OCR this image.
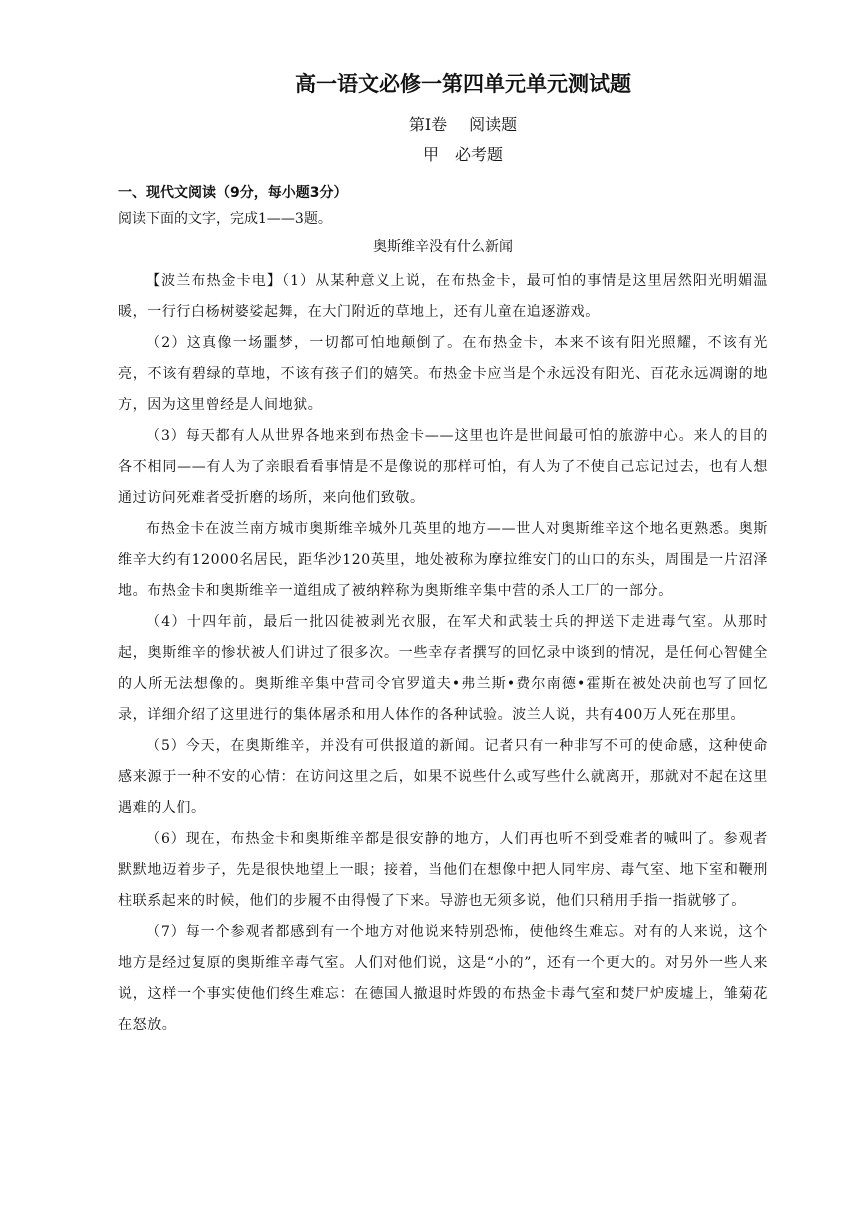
高一语文必修一第四单元单元测试题

第Ⅰ卷 阅读题

甲　必考题

一、现代文阅读（9分，每小题3分）

阅读下面的文字，完成1——3题。

奥斯维辛没有什么新闻

【波兰布热金卡电】（1）从某种意义上说，在布热金卡，最可怕的事情是这里居然阳光明媚温暖，一行行白杨树婆娑起舞，在大门附近的草地上，还有儿童在追逐游戏。

（2）这真像一场噩梦，一切都可怕地颠倒了。在布热金卡，本来不该有阳光照耀，不该有光亮，不该有碧绿的草地，不该有孩子们的嬉笑。布热金卡应当是个永远没有阳光、百花永远凋谢的地方，因为这里曾经是人间地狱。

（3）每天都有人从世界各地来到布热金卡——这里也许是世间最可怕的旅游中心。来人的目的各不相同——有人为了亲眼看看事情是不是像说的那样可怕，有人为了不使自己忘记过去，也有人想通过访问死难者受折磨的场所，来向他们致敬。

布热金卡在波兰南方城市奥斯维辛城外几英里的地方——世人对奥斯维辛这个地名更熟悉。奥斯维辛大约有12000名居民，距华沙120英里，地处被称为摩拉维安门的山口的东头，周围是一片沼泽地。布热金卡和奥斯维辛一道组成了被纳粹称为奥斯维辛集中营的杀人工厂的一部分。

（4）十四年前，最后一批囚徒被剥光衣服，在军犬和武装士兵的押送下走进毒气室。从那时起，奥斯维辛的惨状被人们讲过了很多次。一些幸存者撰写的回忆录中谈到的情况，是任何心智健全的人所无法想像的。奥斯维辛集中营司令官罗道夫•弗兰斯•费尔南德•霍斯在被处决前也写了回忆录，详细介绍了这里进行的集体屠杀和用人体作的各种试验。波兰人说，共有400万人死在那里。

（5）今天，在奥斯维辛，并没有可供报道的新闻。记者只有一种非写不可的使命感，这种使命感来源于一种不安的心情：在访问这里之后，如果不说些什么或写些什么就离开，那就对不起在这里遇难的人们。

（6）现在，布热金卡和奥斯维辛都是很安静的地方，人们再也听不到受难者的喊叫了。参观者默默地迈着步子，先是很快地望上一眼；接着，当他们在想像中把人同牢房、毒气室、地下室和鞭刑柱联系起来的时候，他们的步履不由得慢了下来。导游也无须多说，他们只稍用手指一指就够了。

（7）每一个参观者都感到有一个地方对他说来特别恐怖，使他终生难忘。对有的人来说，这个地方是经过复原的奥斯维辛毒气室。人们对他们说，这是“小的”，还有一个更大的。对另外一些人来说，这样一个事实使他们终生难忘：在德国人撤退时炸毁的布热金卡毒气室和焚尸炉废墟上，雏菊花在怒放。
